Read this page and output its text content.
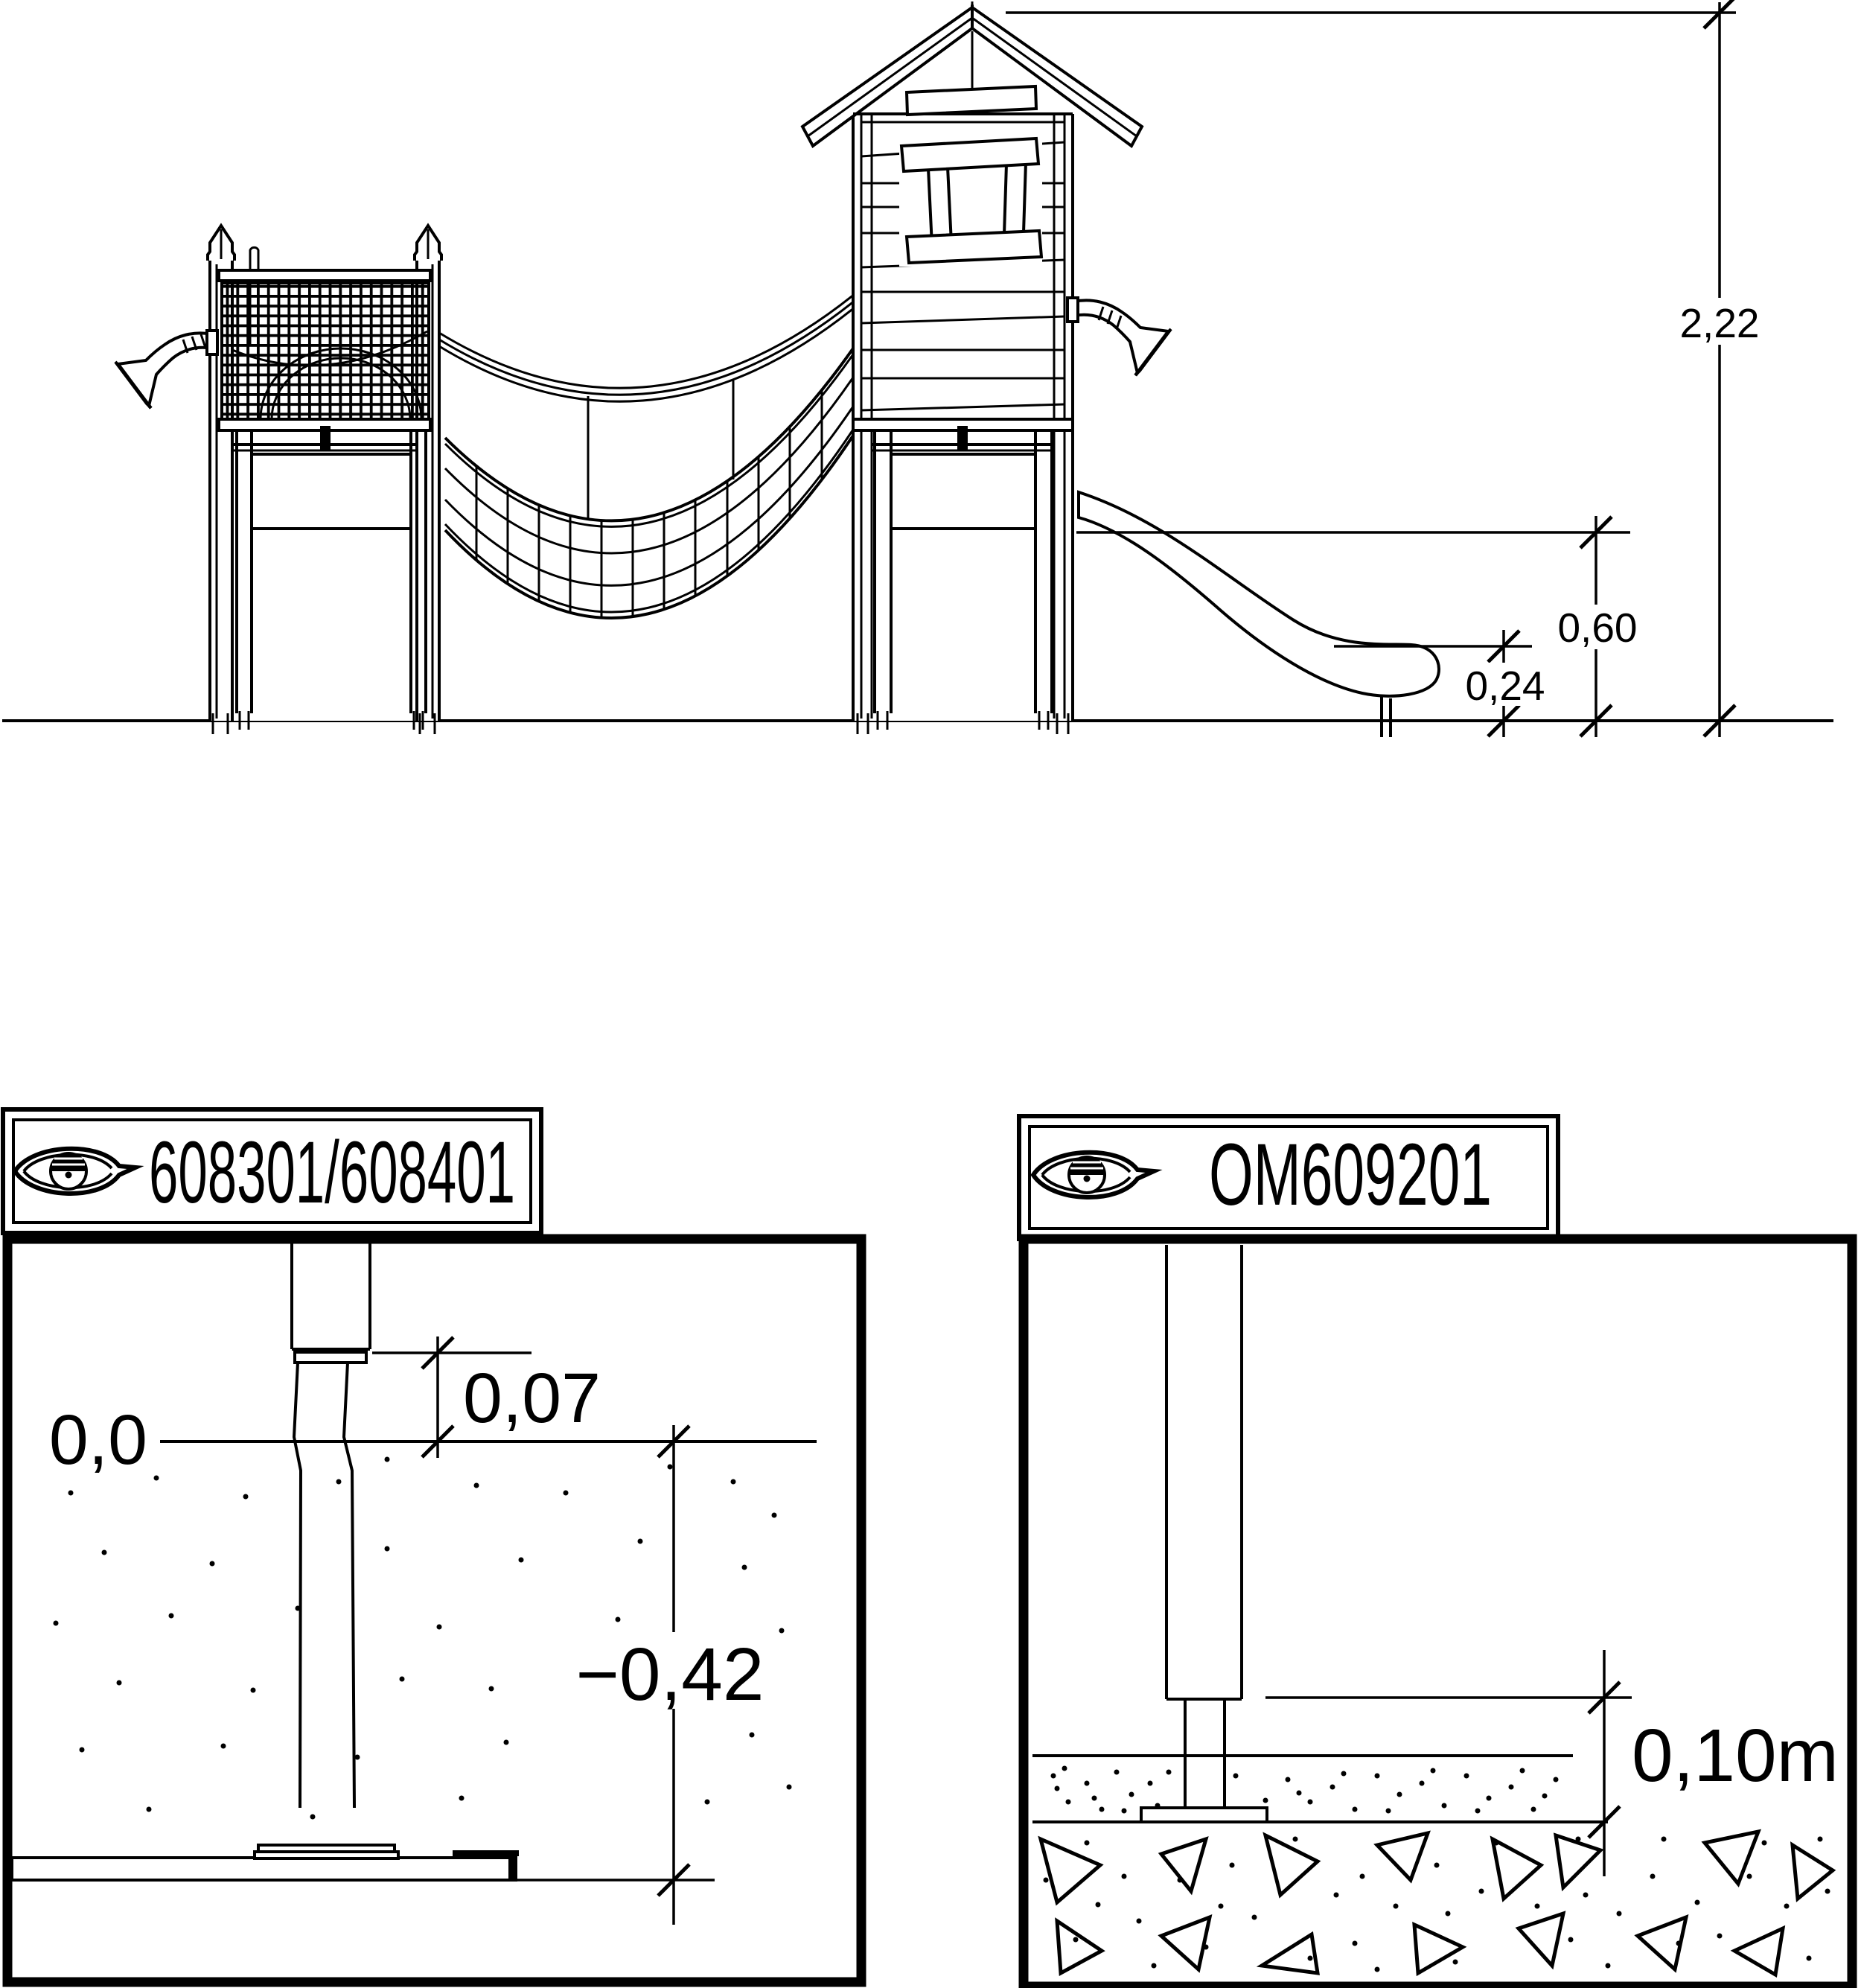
2,22
0,60
0,24
608301/608401
0,0
0,07
−0,42
OM609201
0,10m
